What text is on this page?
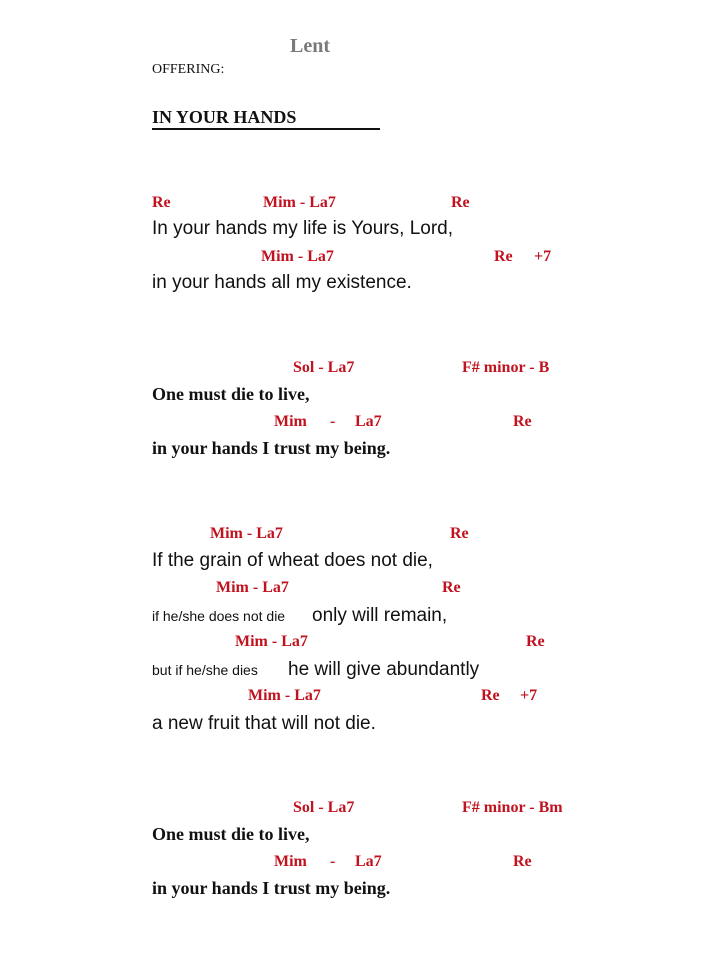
Lent
OFFERING:
IN YOUR HANDS
Re	Mim - La7	Re
In your hands my life is Yours, Lord,
Mim - La7	Re +7
in your hands all my existence.
Sol - La7	F# minor - B
One must die to live,
Mim - La7	Re
in your hands I trust my being.
Mim - La7	Re
If the grain of wheat does not die,
Mim - La7	Re
if he/she does not die only will remain,
Mim - La7	Re
but if he/she dies he will give abundantly
Mim - La7	Re +7
a new fruit that will not die.
Sol - La7	F# minor - Bm
One must die to live,
Mim - La7	Re
in your hands I trust my being.
